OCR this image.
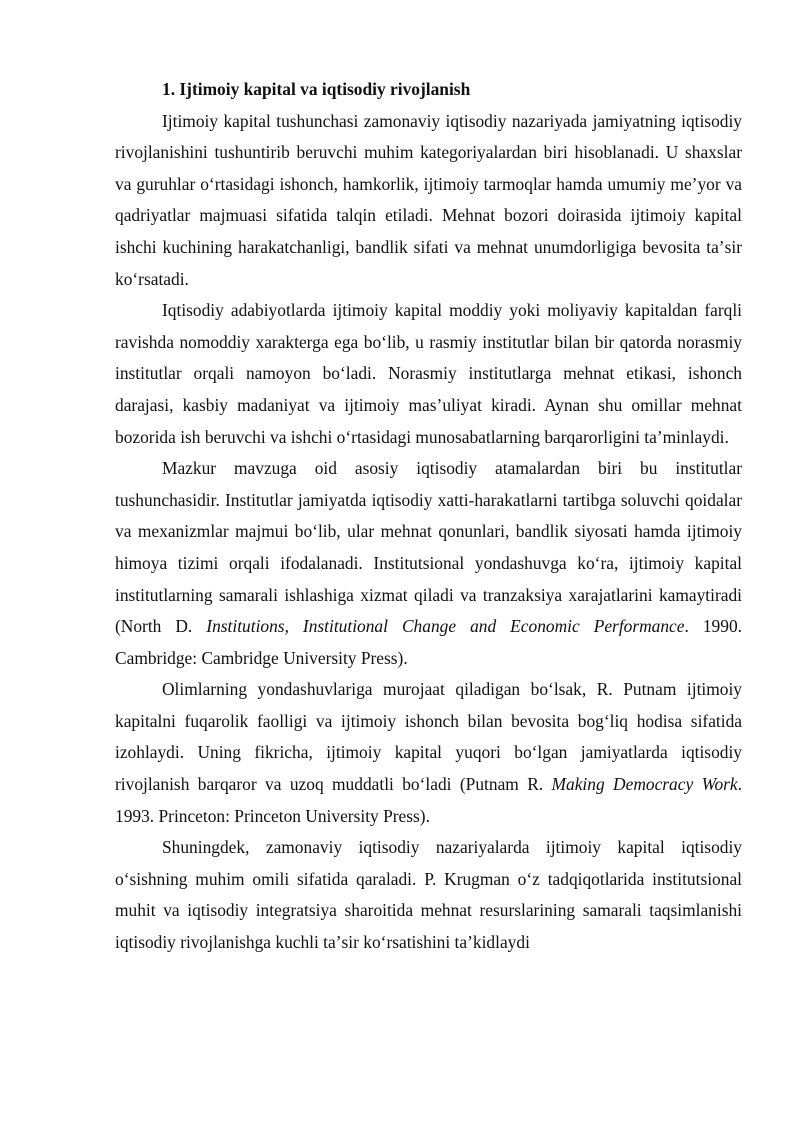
1. Ijtimoiy kapital va iqtisodiy rivojlanish

Ijtimoiy kapital tushunchasi zamonaviy iqtisodiy nazariyada jamiyatning iqtisodiy rivojlanishini tushuntirib beruvchi muhim kategoriyalardan biri hisoblanadi. U shaxslar va guruhlar oʻrtasidagi ishonch, hamkorlik, ijtimoiy tarmoqlar hamda umumiy meʼyor va qadriyatlar majmuasi sifatida talqin etiladi. Mehnat bozori doirasida ijtimoiy kapital ishchi kuchining harakatchanligi, bandlik sifati va mehnat unumdorligiga bevosita taʼsir koʻrsatadi.

Iqtisodiy adabiyotlarda ijtimoiy kapital moddiy yoki moliyaviy kapitaldan farqli ravishda nomoddiy xarakterga ega boʻlib, u rasmiy institutlar bilan bir qatorda norasmiy institutlar orqali namoyon boʻladi. Norasmiy institutlarga mehnat etikasi, ishonch darajasi, kasbiy madaniyat va ijtimoiy masʼuliyat kiradi. Aynan shu omillar mehnat bozorida ish beruvchi va ishchi oʻrtasidagi munosabatlarning barqarorligini taʼminlaydi.

Mazkur mavzuga oid asosiy iqtisodiy atamalardan biri bu institutlar tushunchasidir. Institutlar jamiyatda iqtisodiy xatti-harakatlarni tartibga soluvchi qoidalar va mexanizmlar majmui boʻlib, ular mehnat qonunlari, bandlik siyosati hamda ijtimoiy himoya tizimi orqali ifodalanadi. Institutsional yondashuvga koʻra, ijtimoiy kapital institutlarning samarali ishlashiga xizmat qiladi va tranzaksiya xarajatlarini kamaytiradi (North D. Institutions, Institutional Change and Economic Performance. 1990. Cambridge: Cambridge University Press).

Olimlarning yondashuvlariga murojaat qiladigan boʻlsak, R. Putnam ijtimoiy kapitalni fuqarolik faolligi va ijtimoiy ishonch bilan bevosita bogʻliq hodisa sifatida izohlaydi. Uning fikricha, ijtimoiy kapital yuqori boʻlgan jamiyatlarda iqtisodiy rivojlanish barqaror va uzoq muddatli boʻladi (Putnam R. Making Democracy Work. 1993. Princeton: Princeton University Press).

Shuningdek, zamonaviy iqtisodiy nazariyalarda ijtimoiy kapital iqtisodiy oʻsishning muhim omili sifatida qaraladi. P. Krugman oʻz tadqiqotlarida institutsional muhit va iqtisodiy integratsiya sharoitida mehnat resurslarining samarali taqsimlanishi iqtisodiy rivojlanishga kuchli taʼsir koʻrsatishini taʼkidlaydi
